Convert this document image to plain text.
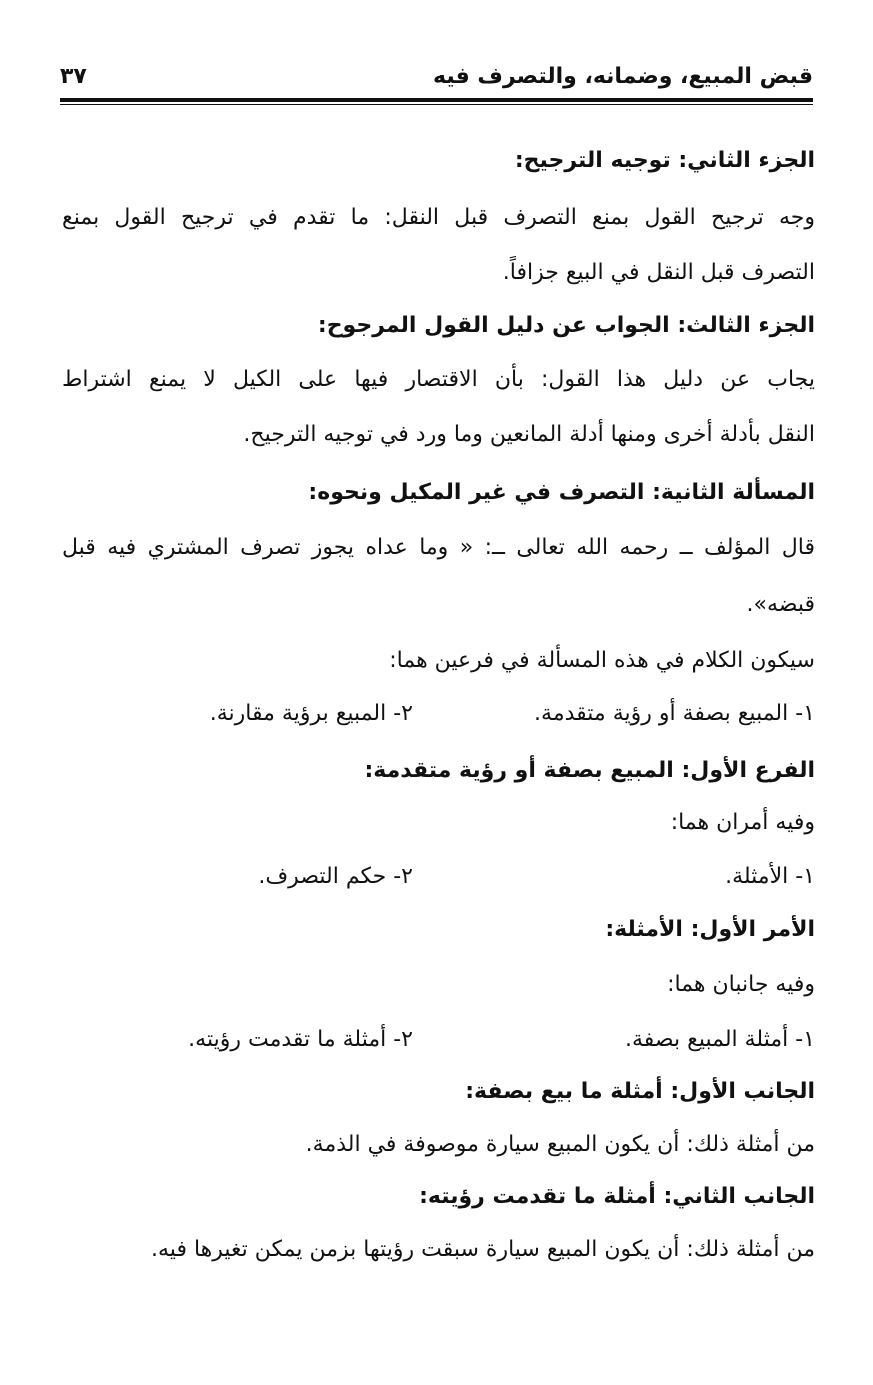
قبض المبيع، وضمانه، والتصرف فيه
٣٧
الجزء الثاني: توجيه الترجيح:
وجه ترجيح القول بمنع التصرف قبل النقل: ما تقدم في ترجيح القول بمنع
التصرف قبل النقل في البيع جزافاً.
الجزء الثالث: الجواب عن دليل القول المرجوح:
يجاب عن دليل هذا القول: بأن الاقتصار فيها على الكيل لا يمنع اشتراط
النقل بأدلة أخرى ومنها أدلة المانعين وما ورد في توجيه الترجيح.
المسألة الثانية: التصرف في غير المكيل ونحوه:
قال المؤلف ــ رحمه الله تعالى ــ: « وما عداه يجوز تصرف المشتري فيه قبل
قبضه».
سيكون الكلام في هذه المسألة في فرعين هما:
١- المبيع بصفة أو رؤية متقدمة.
٢- المبيع برؤية مقارنة.
الفرع الأول: المبيع بصفة أو رؤية متقدمة:
وفيه أمران هما:
١- الأمثلة.
٢- حكم التصرف.
الأمر الأول: الأمثلة:
وفيه جانبان هما:
١- أمثلة المبيع بصفة.
٢- أمثلة ما تقدمت رؤيته.
الجانب الأول: أمثلة ما بيع بصفة:
من أمثلة ذلك: أن يكون المبيع سيارة موصوفة في الذمة.
الجانب الثاني: أمثلة ما تقدمت رؤيته:
من أمثلة ذلك: أن يكون المبيع سيارة سبقت رؤيتها بزمن يمكن تغيرها فيه.
